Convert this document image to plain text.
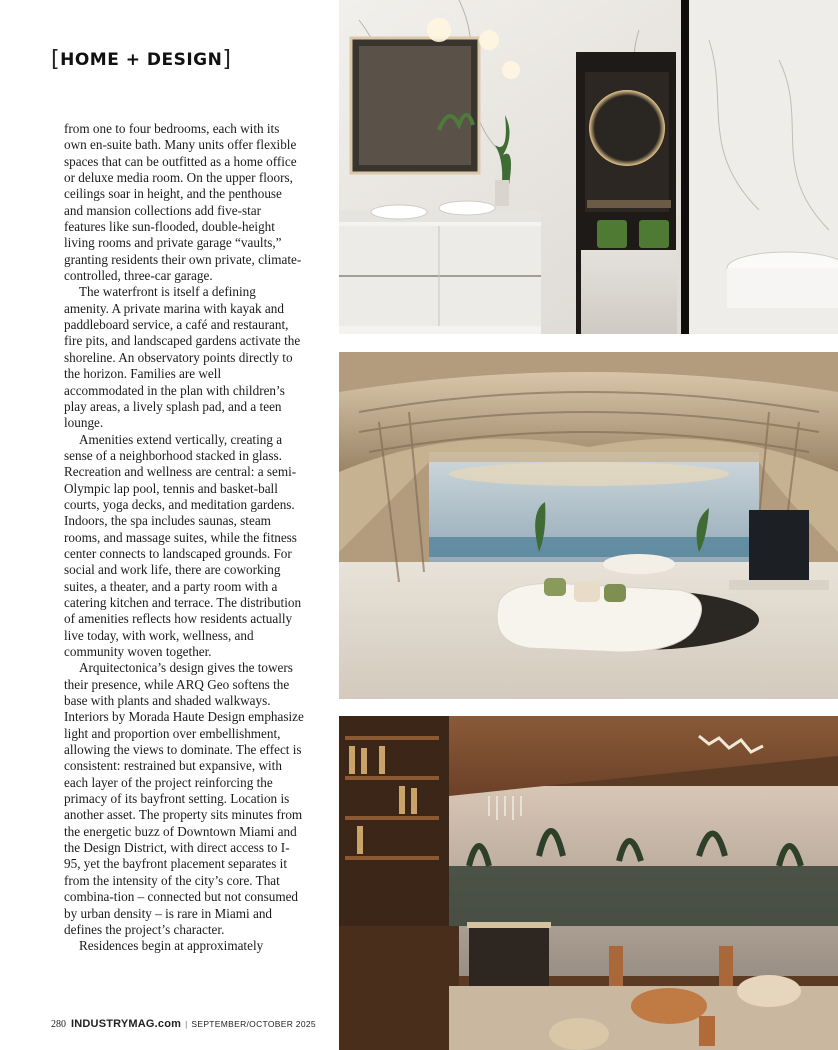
[HOME + DESIGN]

from one to four bedrooms, each with its own en-suite bath. Many units offer flexible spaces that can be outfitted as a home office or deluxe media room. On the upper floors, ceilings soar in height, and the penthouse and mansion collections add five-star features like sun-flooded, double-height living rooms and private garage “vaults,” granting residents their own private, climate-controlled, three-car garage.

The waterfront is itself a defining amenity. A private marina with kayak and paddleboard service, a café and restaurant, fire pits, and landscaped gardens activate the shoreline. An observatory points directly to the horizon. Families are well accommodated in the plan with children’s play areas, a lively splash pad, and a teen lounge.

Amenities extend vertically, creating a sense of a neighborhood stacked in glass. Recreation and wellness are central: a semi-Olympic lap pool, tennis and basket-ball courts, yoga decks, and meditation gardens. Indoors, the spa includes saunas, steam rooms, and massage suites, while the fitness center connects to landscaped grounds. For social and work life, there are coworking suites, a theater, and a party room with a catering kitchen and terrace. The distribution of amenities reflects how residents actually live today, with work, wellness, and community woven together.

Arquitectonica’s design gives the towers their presence, while ARQ Geo softens the base with plants and shaded walkways. Interiors by Morada Haute Design emphasize light and proportion over embellishment, allowing the views to dominate. The effect is consistent: restrained but expansive, with each layer of the project reinforcing the primacy of its bayfront setting. Location is another asset. The property sits minutes from the energetic buzz of Downtown Miami and the Design District, with direct access to I-95, yet the bayfront placement separates it from the intensity of the city’s core. That combina-tion – connected but not consumed by urban density – is rare in Miami and defines the project’s character.

Residences begin at approximately

280 INDUSTRYMAG.com | SEPTEMBER/OCTOBER 2025
